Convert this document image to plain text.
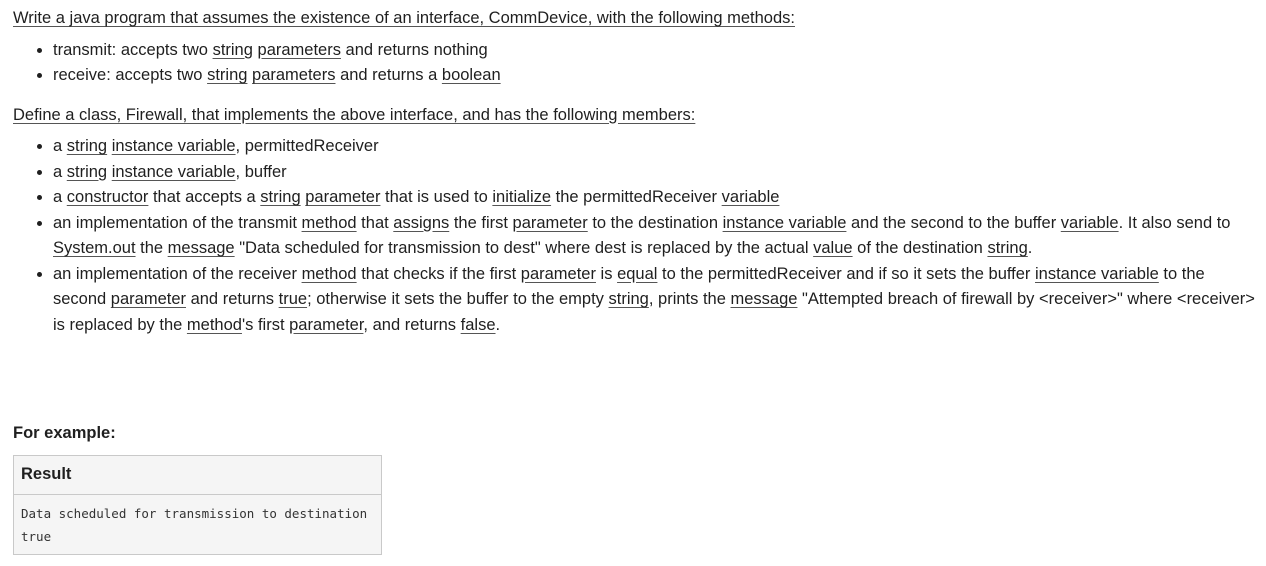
Write a java program that assumes the existence of an interface, CommDevice, with the following methods:

• transmit: accepts two string parameters and returns nothing
• receive: accepts two string parameters and returns a boolean

Define a class, Firewall, that implements the above interface, and has the following members:

• a string instance variable, permittedReceiver
• a string instance variable, buffer
• a constructor that accepts a string parameter that is used to initialize the permittedReceiver variable
• an implementation of the transmit method that assigns the first parameter to the destination instance variable and the second to the buffer variable. It also send to System.out the message "Data scheduled for transmission to dest" where dest is replaced by the actual value of the destination string.
• an implementation of the receiver method that checks if the first parameter is equal to the permittedReceiver and if so it sets the buffer instance variable to the second parameter and returns true; otherwise it sets the buffer to the empty string, prints the message "Attempted breach of firewall by <receiver>" where <receiver> is replaced by the method's first parameter, and returns false.

For example:

Result

Data scheduled for transmission to destination
true
